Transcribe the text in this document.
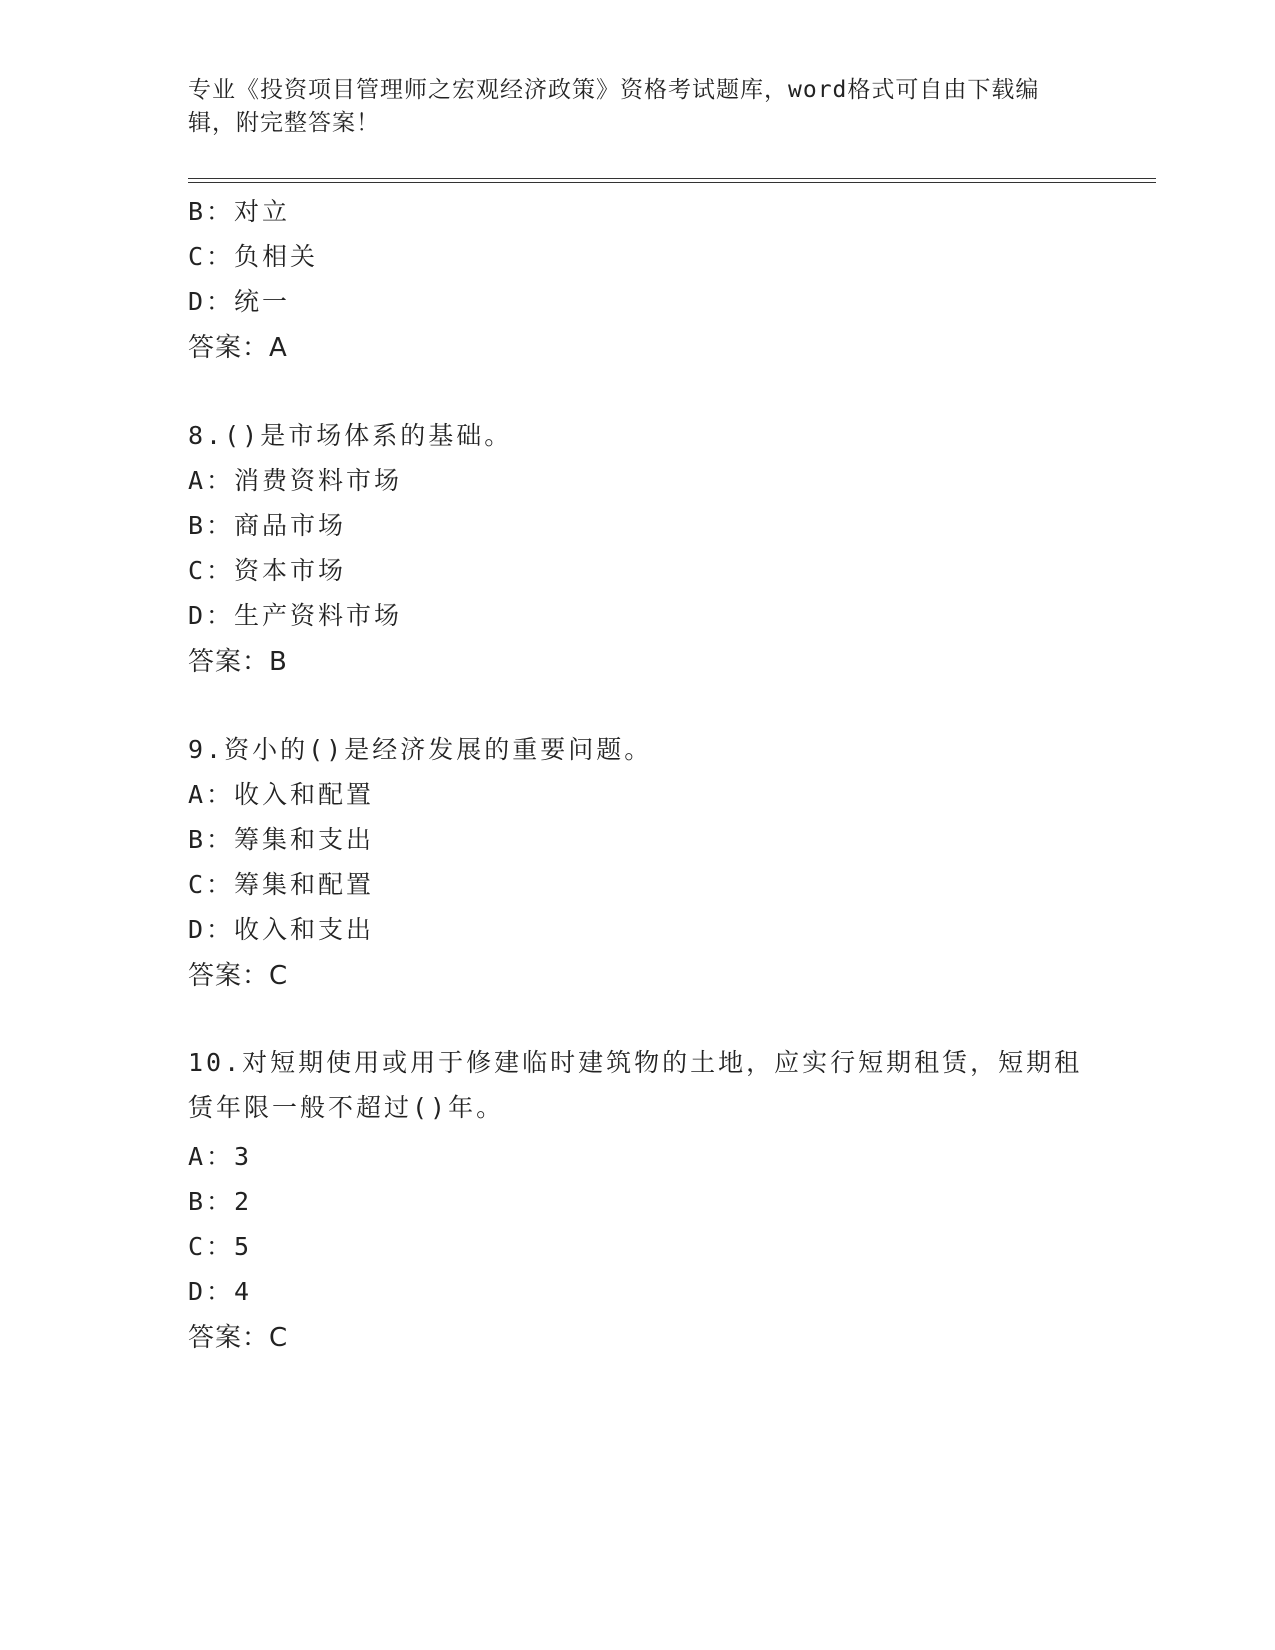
专业《投资项目管理师之宏观经济政策》资格考试题库，word格式可自由下载编辑，附完整答案！
B：对立
C：负相关
D：统一
答案：A
8.()是市场体系的基础。
A：消费资料市场
B：商品市场
C：资本市场
D：生产资料市场
答案：B
9.资小的()是经济发展的重要问题。
A：收入和配置
B：筹集和支出
C：筹集和配置
D：收入和支出
答案：C
10.对短期使用或用于修建临时建筑物的土地，应实行短期租赁，短期租赁年限一般不超过()年。
A：3
B：2
C：5
D：4
答案：C
